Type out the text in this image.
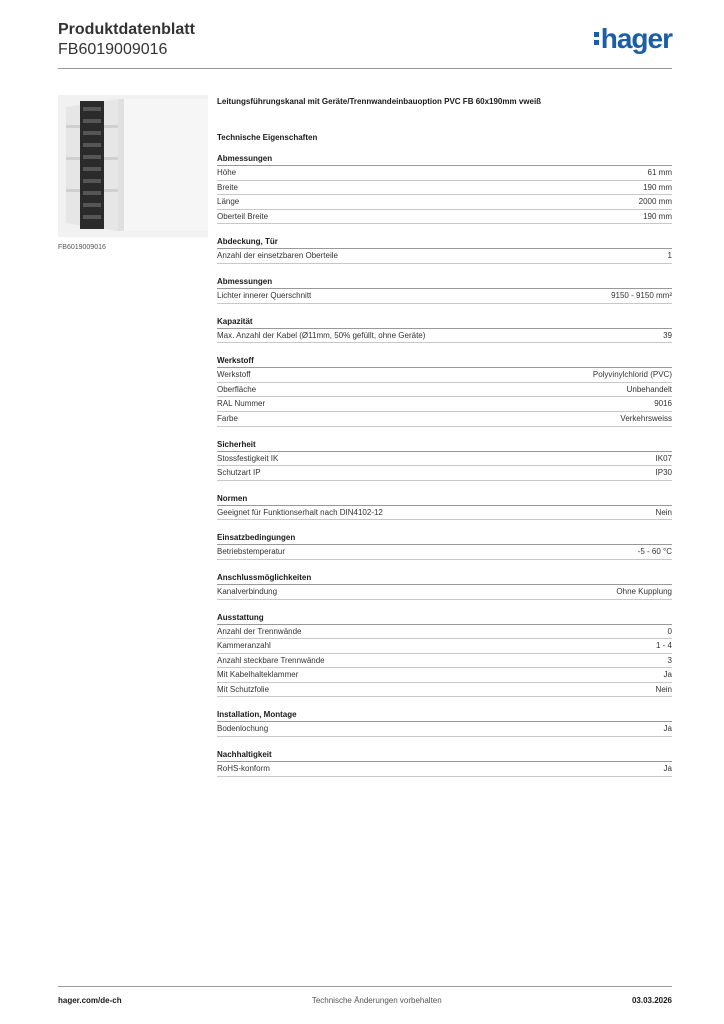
Produktdatenblatt
FB6019009016	hager
FB6019009016
Leitungsführungskanal mit Geräte/Trennwandeinbauoption PVC FB 60x190mm vweiß
Technische Eigenschaften
Abmessungen
Höhe	61 mm
Breite	190 mm
Länge	2000 mm
Oberteil Breite	190 mm
Abdeckung, Tür
Anzahl der einsetzbaren Oberteile	1
Abmessungen
Lichter innerer Querschnitt	9150 - 9150 mm²
Kapazität
Max. Anzahl der Kabel (Ø11mm, 50% gefüllt, ohne Geräte)	39
Werkstoff
Werkstoff	Polyvinylchlorid (PVC)
Oberfläche	Unbehandelt
RAL Nummer	9016
Farbe	Verkehrsweiss
Sicherheit
Stossfestigkeit IK	IK07
Schutzart IP	IP30
Normen
Geeignet für Funktionserhalt nach DIN4102-12	Nein
Einsatzbedingungen
Betriebstemperatur	-5 - 60 °C
Anschlussmöglichkeiten
Kanalverbindung	Ohne Kupplung
Ausstattung
Anzahl der Trennwände	0
Kammeranzahl	1 - 4
Anzahl steckbare Trennwände	3
Mit Kabelhalteklammer	Ja
Mit Schutzfolie	Nein
Installation, Montage
Bodenlochung	Ja
Nachhaltigkeit
RoHS-konform	Ja
hager.com/de-ch	Technische Änderungen vorbehalten	03.03.2026
